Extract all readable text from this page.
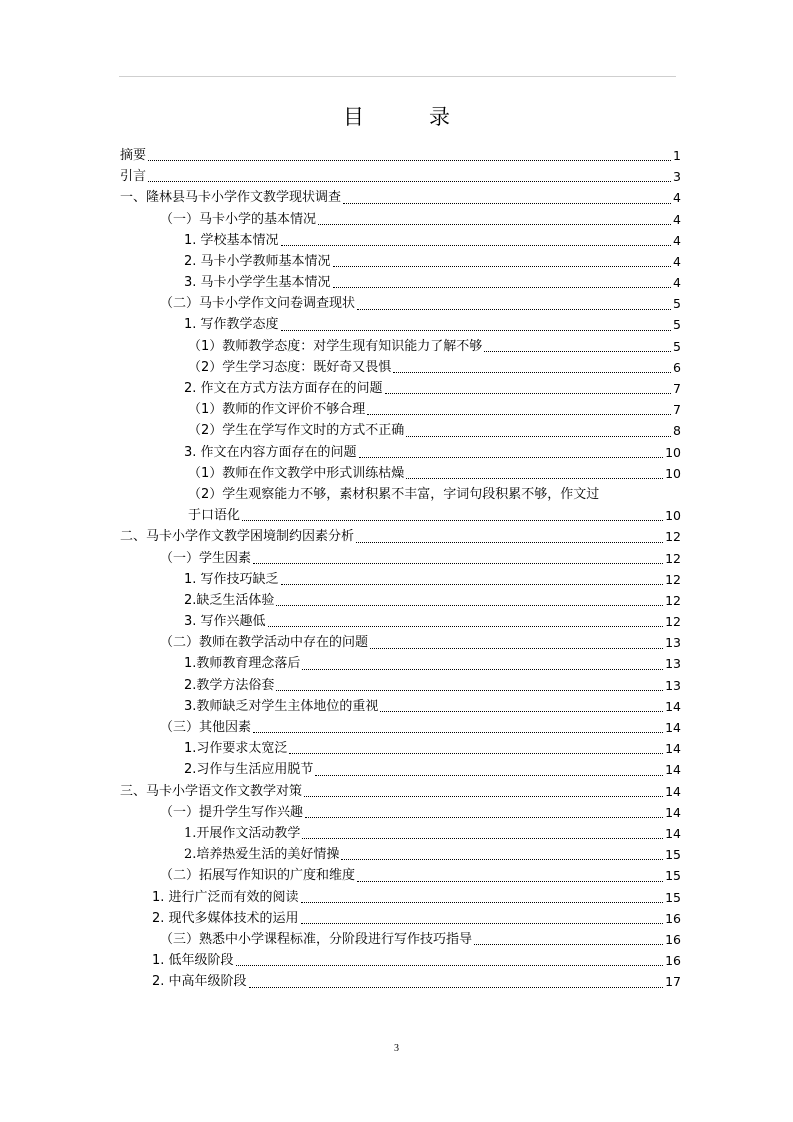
目　录
摘要	1
引言	3
一、隆林县马卡小学作文教学现状调查	4
（一）马卡小学的基本情况	4
1. 学校基本情况	4
2. 马卡小学教师基本情况	4
3. 马卡小学学生基本情况	4
（二）马卡小学作文问卷调查现状	5
1. 写作教学态度	5
（1）教师教学态度：对学生现有知识能力了解不够	5
（2）学生学习态度：既好奇又畏惧	6
2. 作文在方式方法方面存在的问题	7
（1）教师的作文评价不够合理	7
（2）学生在学写作文时的方式不正确	8
3. 作文在内容方面存在的问题	10
（1）教师在作文教学中形式训练枯燥	10
（2）学生观察能力不够，素材积累不丰富，字词句段积累不够，作文过
于口语化	10
二、马卡小学作文教学困境制约因素分析	12
（一）学生因素	12
1. 写作技巧缺乏	12
2.缺乏生活体验	12
3. 写作兴趣低	12
（二）教师在教学活动中存在的问题	13
1.教师教育理念落后	13
2.教学方法俗套	13
3.教师缺乏对学生主体地位的重视	14
（三）其他因素	14
1.习作要求太宽泛	14
2.习作与生活应用脱节	14
三、马卡小学语文作文教学对策	14
（一）提升学生写作兴趣	14
1.开展作文活动教学	14
2.培养热爱生活的美好情操	15
（二）拓展写作知识的广度和维度	15
1. 进行广泛而有效的阅读	15
2. 现代多媒体技术的运用	16
（三）熟悉中小学课程标准，分阶段进行写作技巧指导	16
1. 低年级阶段	16
2. 中高年级阶段	17
3
